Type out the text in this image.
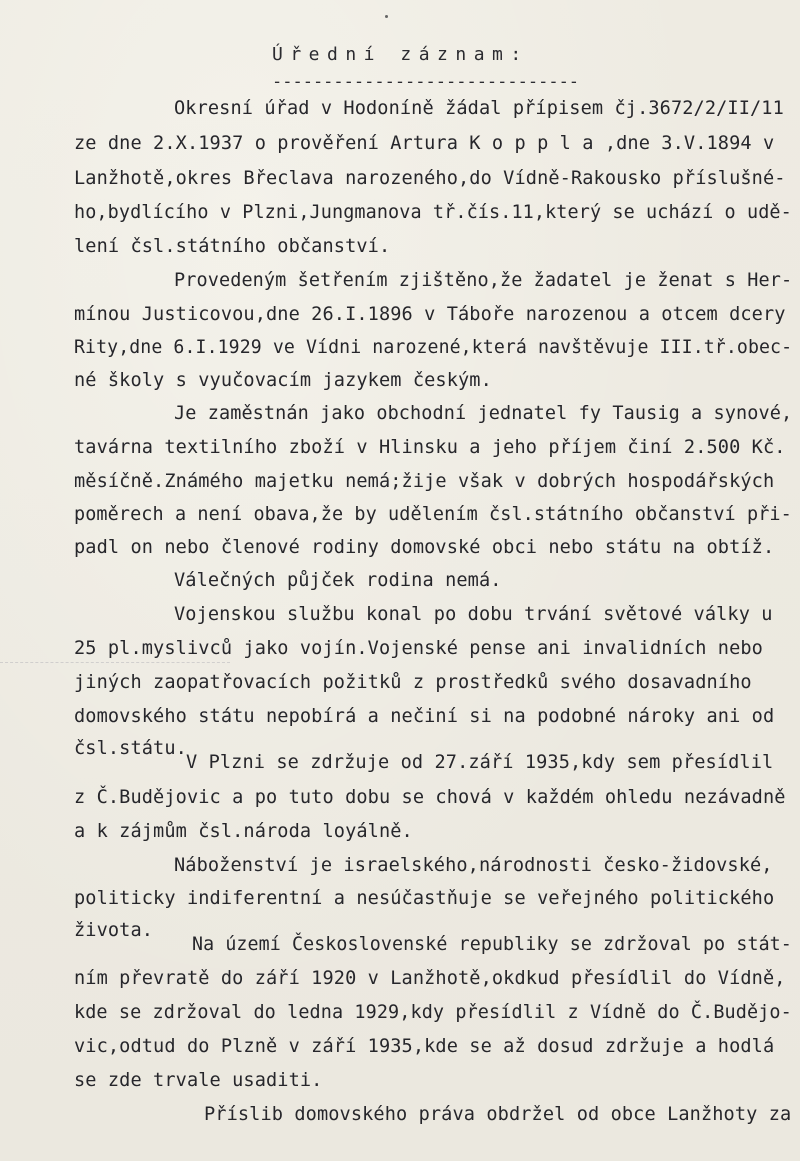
Úřední záznam:
------------------------------
Okresní úřad v Hodoníně žádal přípisem čj.3672/2/II/11
ze dne 2.X.1937 o prověření Artura K o p p l a ,dne 3.V.1894 v
Lanžhotě,okres Břeclava narozeného,do Vídně-Rakousko příslušné-
ho,bydlícího v Plzni,Jungmanova tř.čís.11,který se uchází o udě-
lení čsl.státního občanství.
Provedeným šetřením zjištěno,že žadatel je ženat s Her-
mínou Justicovou,dne 26.I.1896 v Táboře narozenou a otcem dcery
Rity,dne 6.I.1929 ve Vídni narozené,která navštěvuje III.tř.obec-
né školy s vyučovacím jazykem českým.
Je zaměstnán jako obchodní jednatel fy Tausig a synové,
tavárna textilního zboží v Hlinsku a jeho příjem činí 2.500 Kč.
měsíčně.Známého majetku nemá;žije však v dobrých hospodářských
poměrech a není obava,že by udělením čsl.státního občanství při-
padl on nebo členové rodiny domovské obci nebo státu na obtíž.
Válečných půjček rodina nemá.
Vojenskou službu konal po dobu trvání světové války u
25 pl.myslivců jako vojín.Vojenské pense ani invalidních nebo
jiných zaopatřovacích požitků z prostředků svého dosavadního
domovského státu nepobírá a nečiní si na podobné nároky ani od
čsl.státu.
V Plzni se zdržuje od 27.září 1935,kdy sem přesídlil
z Č.Budějovic a po tuto dobu se chová v každém ohledu nezávadně
a k zájmům čsl.národa loyálně.
Náboženství je israelského,národnosti česko-židovské,
politicky indiferentní a nesúčastňuje se veřejného politického
života.
Na území Československé republiky se zdržoval po stát-
ním převratě do září 1920 v Lanžhotě,okdkud přesídlil do Vídně,
kde se zdržoval do ledna 1929,kdy přesídlil z Vídně do Č.Budějo-
vic,odtud do Plzně v září 1935,kde se až dosud zdržuje a hodlá
se zde trvale usaditi.
Příslib domovského práva obdržel od obce Lanžhoty za
